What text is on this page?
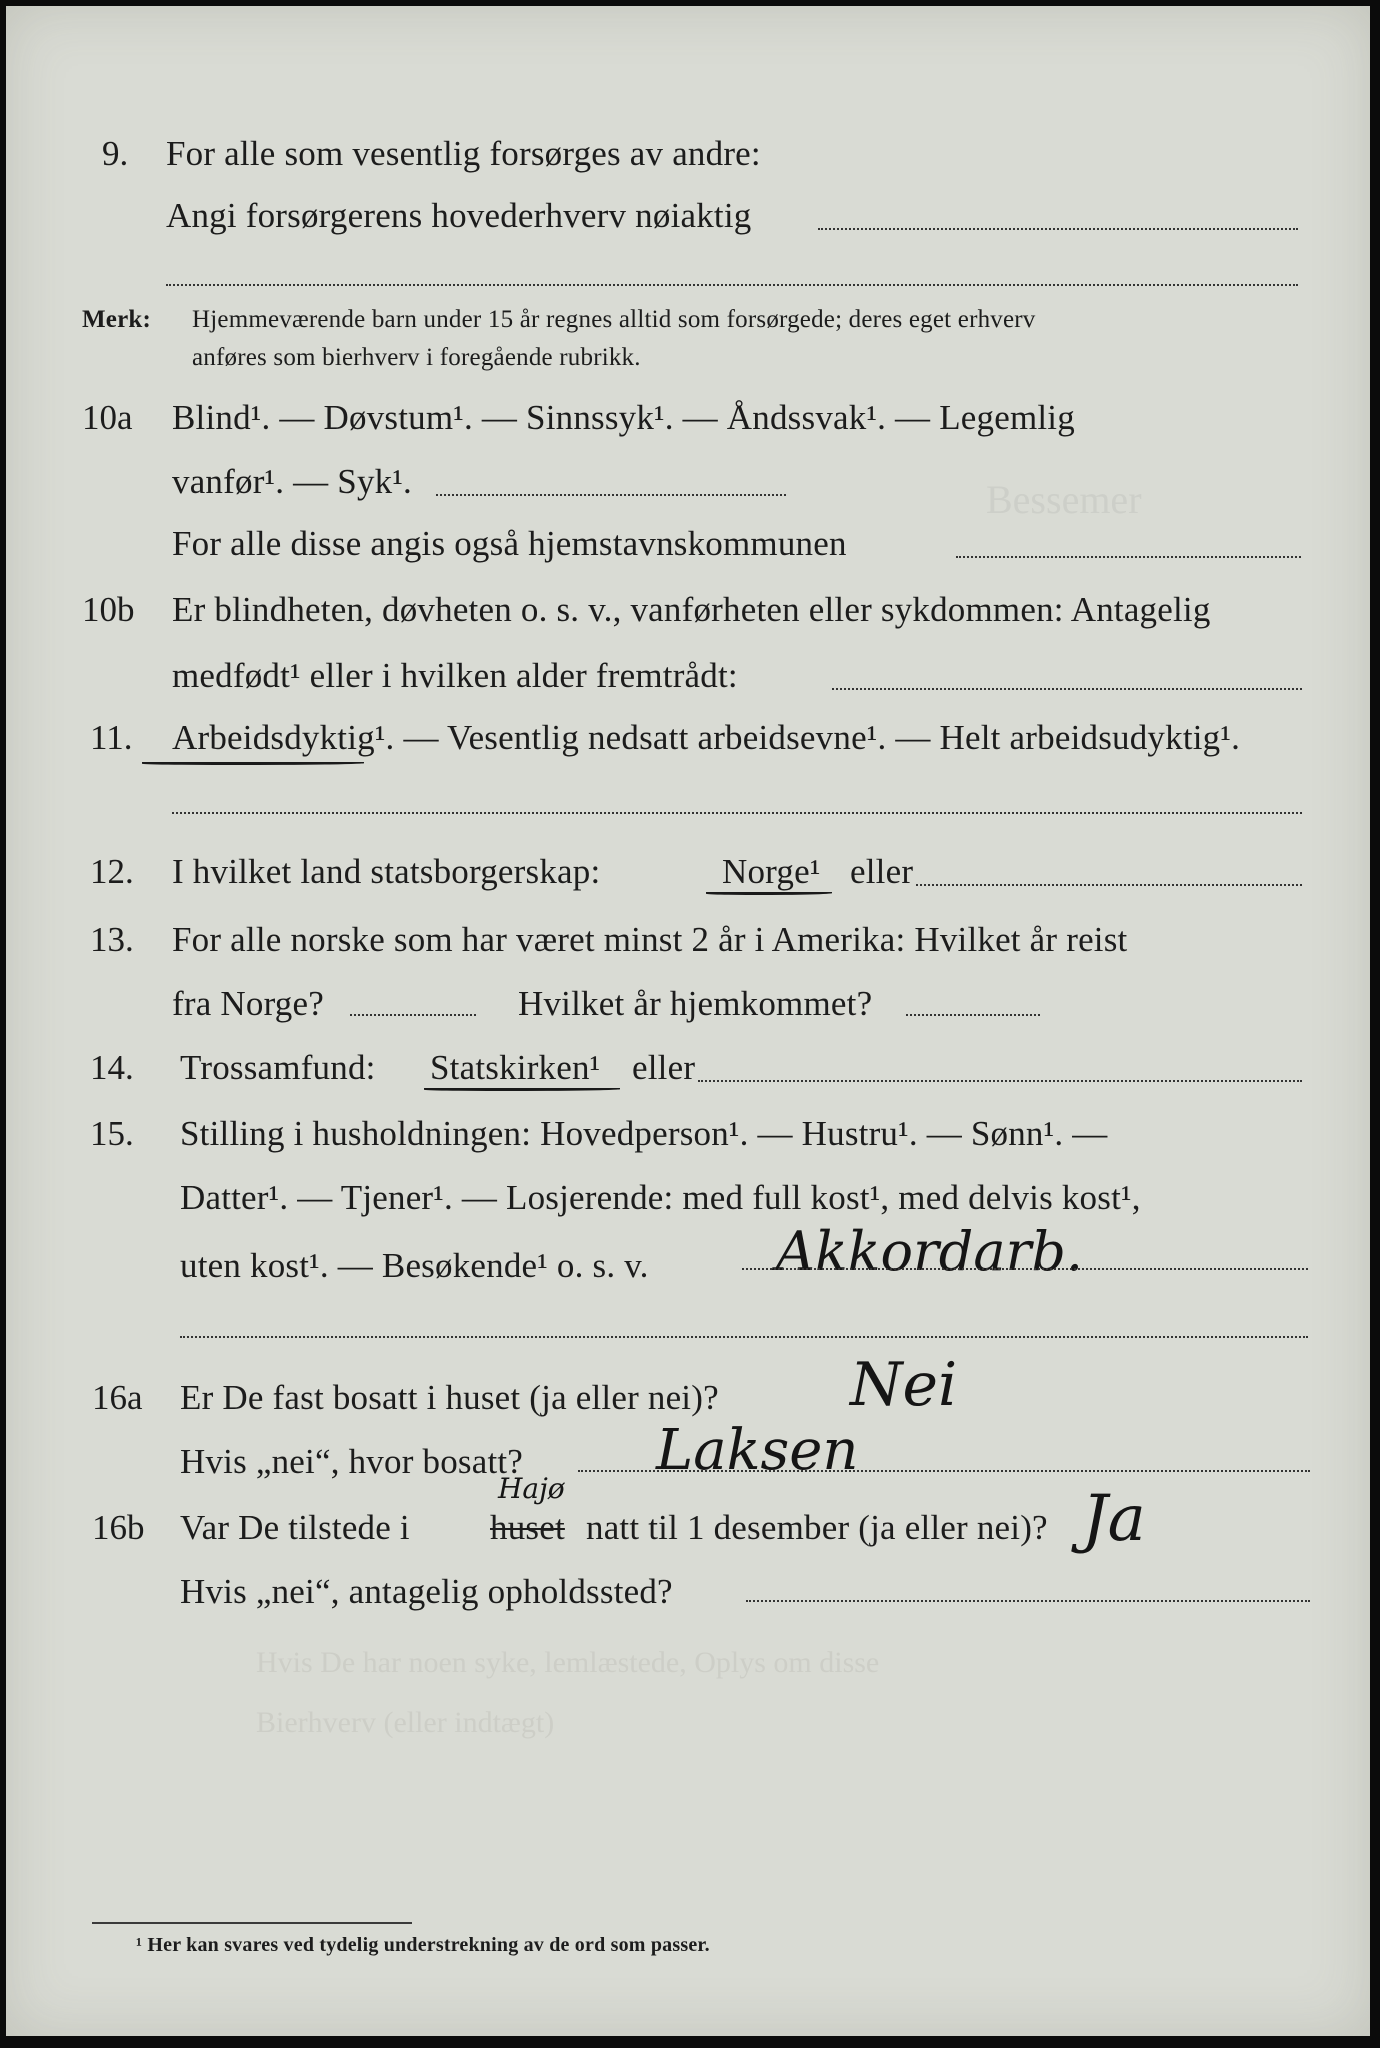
Bessemer
Hvis De har noen syke, lemlæstede, Oplys om disse
Bierhverv (eller indtægt)
9. For alle som vesentlig forsørges av andre:
Angi forsørgerens hovederhverv nøiaktig
Merk: Hjemmeværende barn under 15 år regnes alltid som forsørgede; deres eget erhverv
anføres som bierhverv i foregående rubrikk.
10a Blind¹. — Døvstum¹. — Sinnssyk¹. — Åndssvak¹. — Legemlig
vanfør¹. — Syk¹.
For alle disse angis også hjemstavnskommunen
10b Er blindheten, døvheten o. s. v., vanførheten eller sykdommen: Antagelig
medfødt¹ eller i hvilken alder fremtrådt:
11. Arbeidsdyktig¹. — Vesentlig nedsatt arbeidsevne¹. — Helt arbeidsudyktig¹.
12. I hvilket land statsborgerskap:	Norge¹ eller
13. For alle norske som har været minst 2 år i Amerika: Hvilket år reist
fra Norge?	Hvilket år hjemkommet?
14. Trossamfund: Statskirken¹ eller
15. Stilling i husholdningen: Hovedperson¹. — Hustru¹. — Sønn¹. —
Datter¹. — Tjener¹. — Losjerende: med full kost¹, med delvis kost¹,
uten kost¹. — Besøkende¹ o. s. v. Akkordarb.
16a Er De fast bosatt i huset (ja eller nei)? Nei
Hvis „nei“, hvor bosatt? Laksen
16b Var De tilstede i huset
Hajø
natt til 1 desember (ja eller nei)? Ja
Hvis „nei“, antagelig opholdssted?
¹ Her kan svares ved tydelig understrekning av de ord som passer.
